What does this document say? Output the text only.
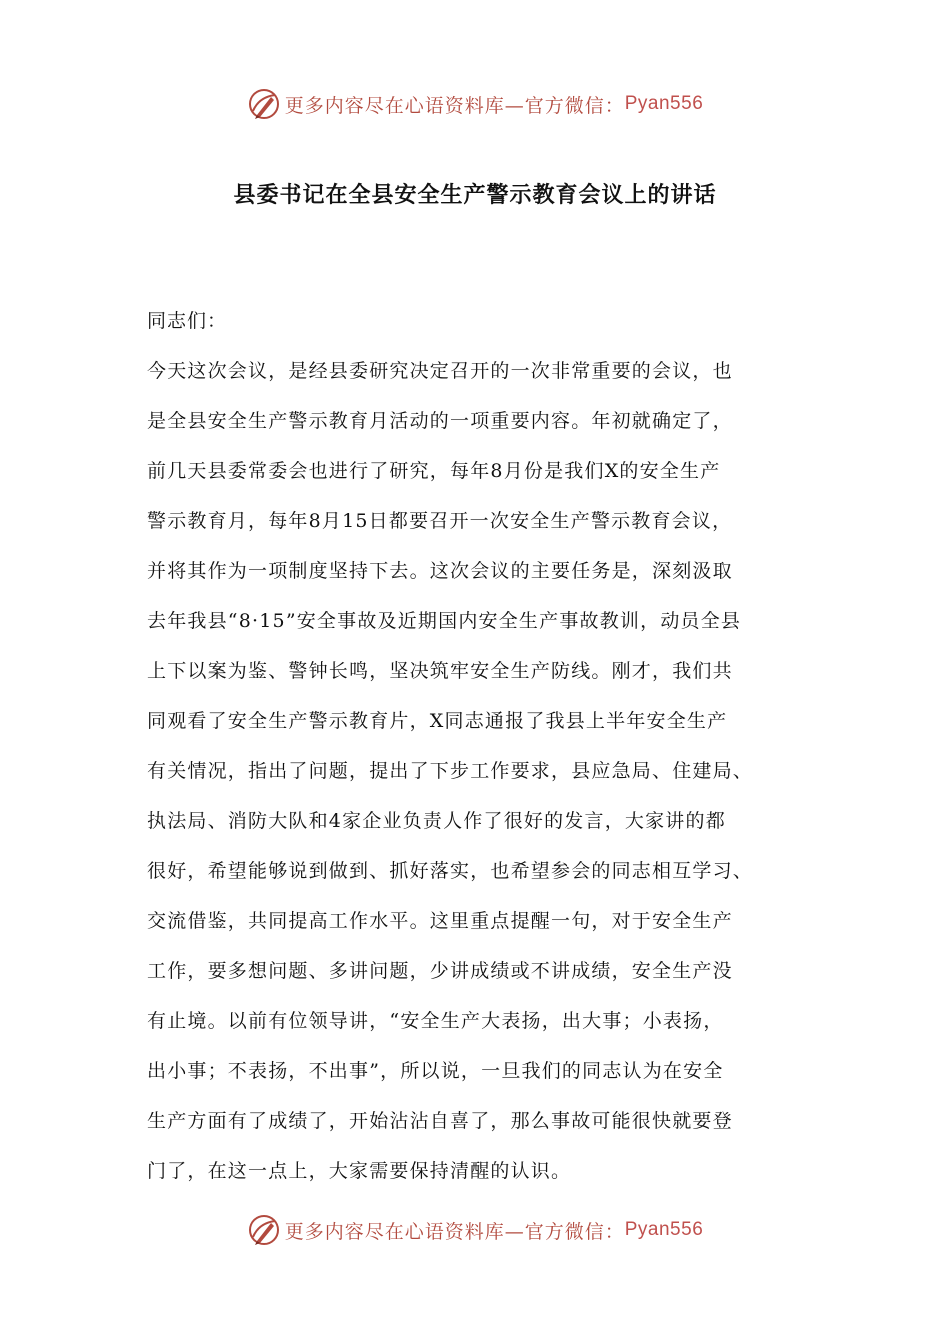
更多内容尽在心语资料库—官方微信： Pyan556
县委书记在全县安全生产警示教育会议上的讲话

同志们：

今天这次会议，是经县委研究决定召开的一次非常重要的会议，也

是全县安全生产警示教育月活动的一项重要内容。年初就确定了，

前几天县委常委会也进行了研究，每年8月份是我们X的安全生产

警示教育月，每年8月15日都要召开一次安全生产警示教育会议，

并将其作为一项制度坚持下去。这次会议的主要任务是，深刻汲取

去年我县“8·15”安全事故及近期国内安全生产事故教训，动员全县

上下以案为鉴、警钟长鸣，坚决筑牢安全生产防线。刚才，我们共

同观看了安全生产警示教育片，X同志通报了我县上半年安全生产

有关情况，指出了问题，提出了下步工作要求，县应急局、住建局、

执法局、消防大队和4家企业负责人作了很好的发言，大家讲的都

很好，希望能够说到做到、抓好落实，也希望参会的同志相互学习、

交流借鉴，共同提高工作水平。这里重点提醒一句，对于安全生产

工作，要多想问题、多讲问题，少讲成绩或不讲成绩，安全生产没

有止境。以前有位领导讲，“安全生产大表扬，出大事；小表扬，

出小事；不表扬，不出事”，所以说，一旦我们的同志认为在安全

生产方面有了成绩了，开始沾沾自喜了，那么事故可能很快就要登

门了，在这一点上，大家需要保持清醒的认识。

更多内容尽在心语资料库—官方微信： Pyan556
